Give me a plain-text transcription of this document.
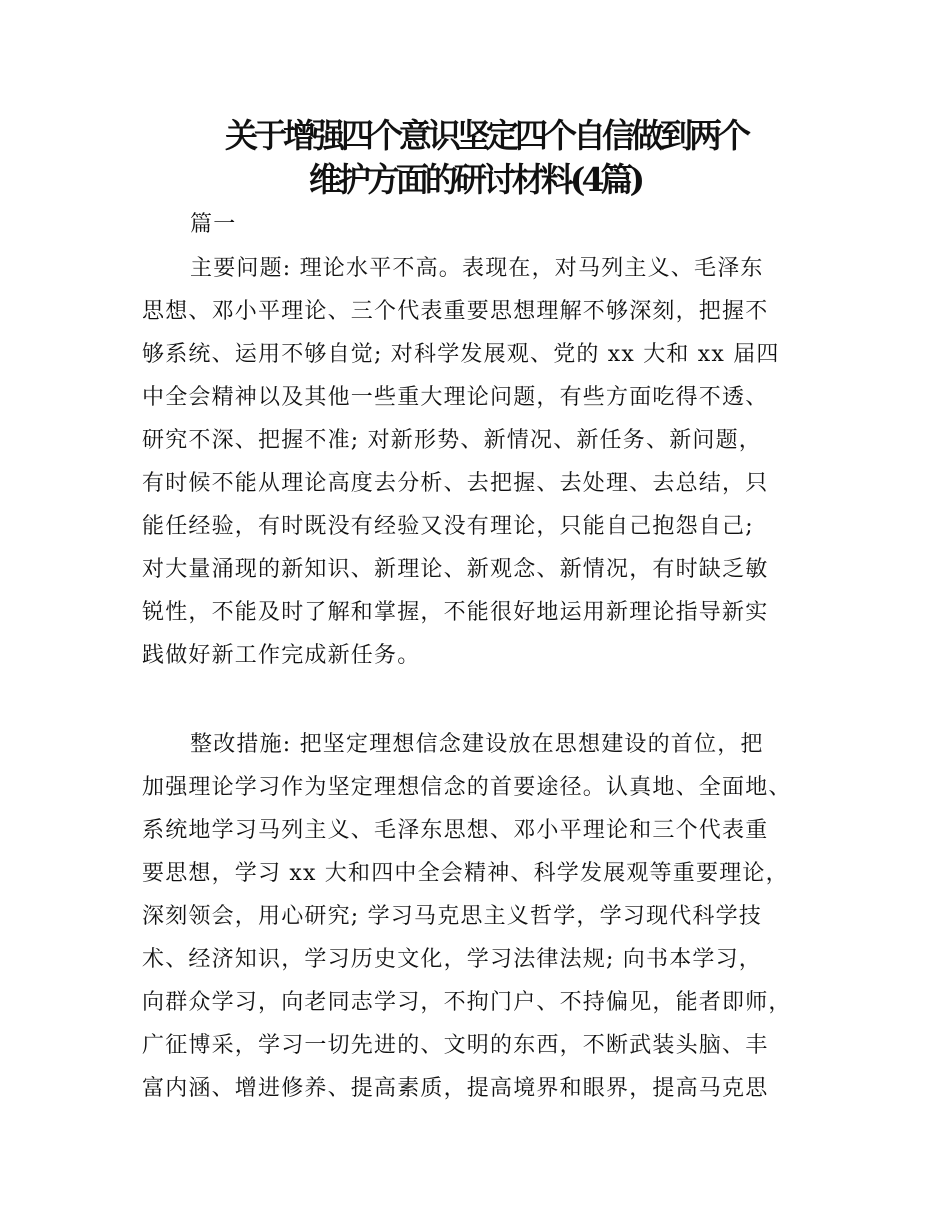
关于增强四个意识坚定四个自信做到两个
维护方面的研讨材料(4篇)
篇一
主要问题: 理论水平不高。表现在，对马列主义、毛泽东
思想、邓小平理论、三个代表重要思想理解不够深刻，把握不
够系统、运用不够自觉; 对科学发展观、党的 xx 大和 xx 届四
中全会精神以及其他一些重大理论问题，有些方面吃得不透、
研究不深、把握不准; 对新形势、新情况、新任务、新问题，
有时候不能从理论高度去分析、去把握、去处理、去总结，只
能任经验，有时既没有经验又没有理论，只能自己抱怨自己;
对大量涌现的新知识、新理论、新观念、新情况，有时缺乏敏
锐性，不能及时了解和掌握，不能很好地运用新理论指导新实
践做好新工作完成新任务。
整改措施: 把坚定理想信念建设放在思想建设的首位，把
加强理论学习作为坚定理想信念的首要途径。认真地、全面地、
系统地学习马列主义、毛泽东思想、邓小平理论和三个代表重
要思想，学习 xx 大和四中全会精神、科学发展观等重要理论，
深刻领会，用心研究; 学习马克思主义哲学，学习现代科学技
术、经济知识，学习历史文化，学习法律法规; 向书本学习，
向群众学习，向老同志学习，不拘门户、不持偏见，能者即师，
广征博采，学习一切先进的、文明的东西，不断武装头脑、丰
富内涵、增进修养、提高素质，提高境界和眼界，提高马克思
